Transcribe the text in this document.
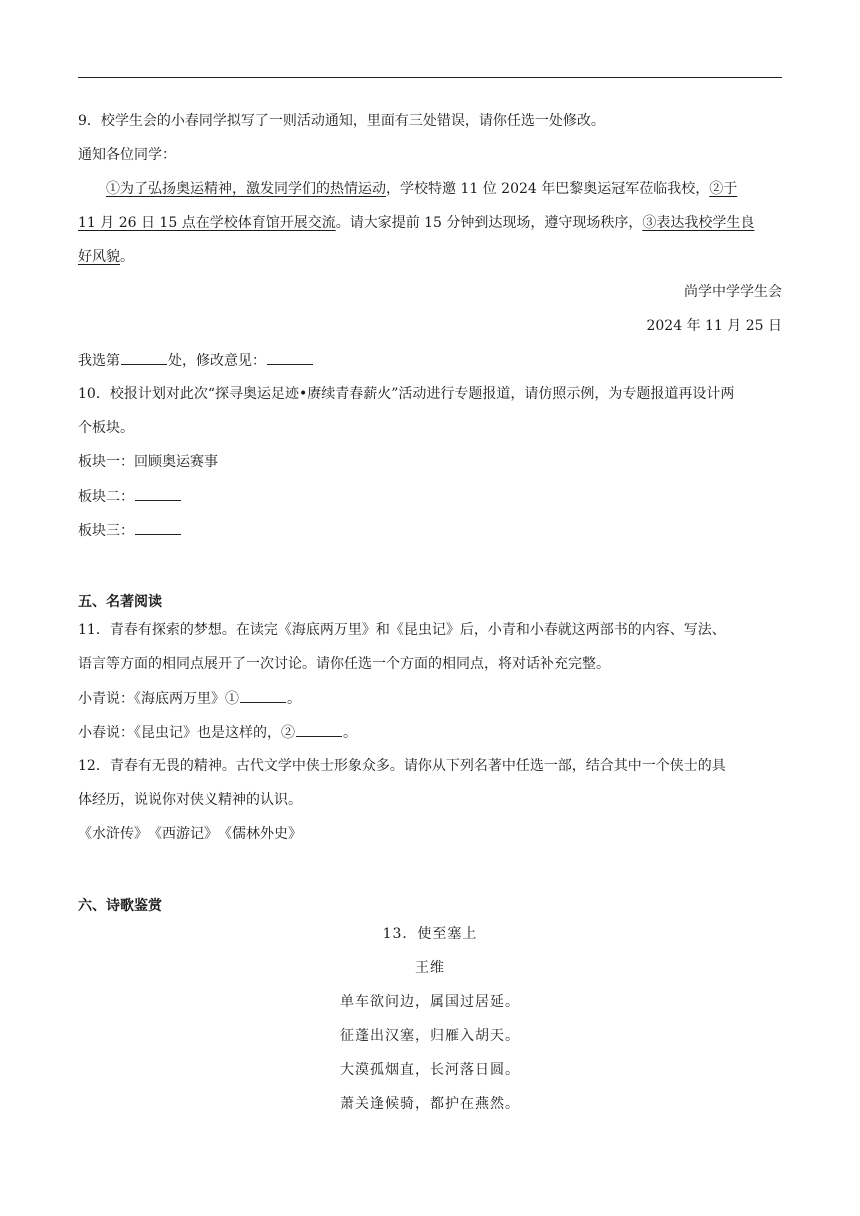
9．校学生会的小春同学拟写了一则活动通知，里面有三处错误，请你任选一处修改。
通知各位同学：
①为了弘扬奥运精神，激发同学们的热情运动，学校特邀 11 位 2024 年巴黎奥运冠军莅临我校，②于
11 月 26 日 15 点在学校体育馆开展交流。请大家提前 15 分钟到达现场，遵守现场秩序，③表达我校学生良
好风貌。
尚学中学学生会
2024 年 11 月 25 日
我选第	处，修改意见：
10．校报计划对此次“探寻奥运足迹•赓续青春薪火”活动进行专题报道，请仿照示例，为专题报道再设计两
个板块。
板块一：回顾奥运赛事
板块二：
板块三：
五、名著阅读
11．青春有探索的梦想。在读完《海底两万里》和《昆虫记》后，小青和小春就这两部书的内容、写法、
语言等方面的相同点展开了一次讨论。请你任选一个方面的相同点，将对话补充完整。
小青说：《海底两万里》①	。
小春说：《昆虫记》也是这样的，②	。
12．青春有无畏的精神。古代文学中侠士形象众多。请你从下列名著中任选一部，结合其中一个侠士的具
体经历，说说你对侠义精神的认识。
《水浒传》　《西游记》　《儒林外史》
六、诗歌鉴赏
13．使至塞上
王维
单车欲问边，属国过居延。
征蓬出汉塞，归雁入胡天。
大漠孤烟直，长河落日圆。
萧关逢候骑，都护在燕然。
